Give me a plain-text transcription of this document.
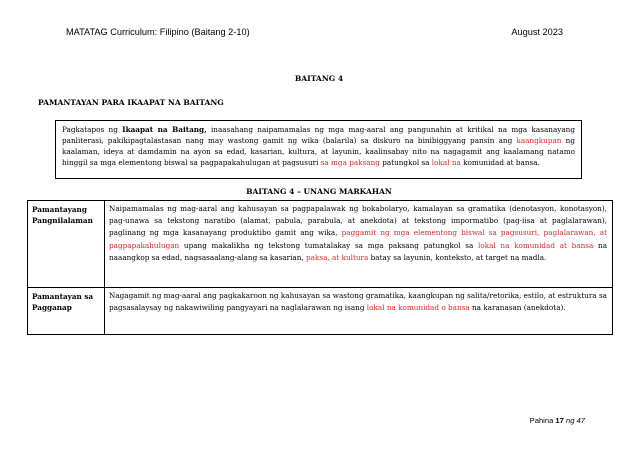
MATATAG Curriculum: Filipino (Baitang 2-10)	August 2023
BAITANG 4
PAMANTAYAN PARA IKAAPAT NA BAITANG
Pagkatapos ng Ikaapat na Baitang, inaasahang naipamamalas ng mga mag-aaral ang pangunahin at kritikal na mga kasanayang panliterasi, pakikipagtalastasan nang may wastong gamit ng wika (balarila) sa diskuro na binibiggyang pansin ang kaangkupan ng kaalaman, ideya at damdamin na ayon sa edad, kasarian, kultura, at layunin, kaalinsabay nito na nagagamit ang kaalamang natamo hinggil sa mga elementong biswal sa pagpapakahulugan at pagsusuri sa mga paksang patungkol sa lokal na komunidad at bansa.
BAITANG 4 – UNANG MARKAHAN
Pamantayang Pangnilalaman	Naipamamalas ng mag-aaral ang kahusayan sa pagpapalawak ng bokabolaryo, kamalayan sa gramatika (denotasyon, konotasyon), pag-unawa sa tekstong naratibo (alamat, pabula, parabula, at anekdota) at tekstong impormatibo (pag-iisa at paglalarawan), paglinang ng mga kasanayang produktibo gamit ang wika, paggamit ng mga elementong biswal sa pagsusuri, paglalarawan, at pagpapakahulugan upang makalikha ng tekstong tumatalakay sa mga paksang patungkol sa lokal na komunidad at bansa na naaangkop sa edad, nagsasaalang-alang sa kasarian, paksa, at kultura batay sa layunin, konteksto, at target na madla.
Pamantayan sa Pagganap	Nagagamit ng mag-aaral ang pagkakaroon ng kahusayan sa wastong gramatika, kaangkupan ng salita/retorika, estilo, at estruktura sa pagsasalaysay ng nakawiwiling pangyayari na naglalarawan ng isang lokal na komunidad o bansa na karanasan (anekdota).
Pahina 17 ng 47
